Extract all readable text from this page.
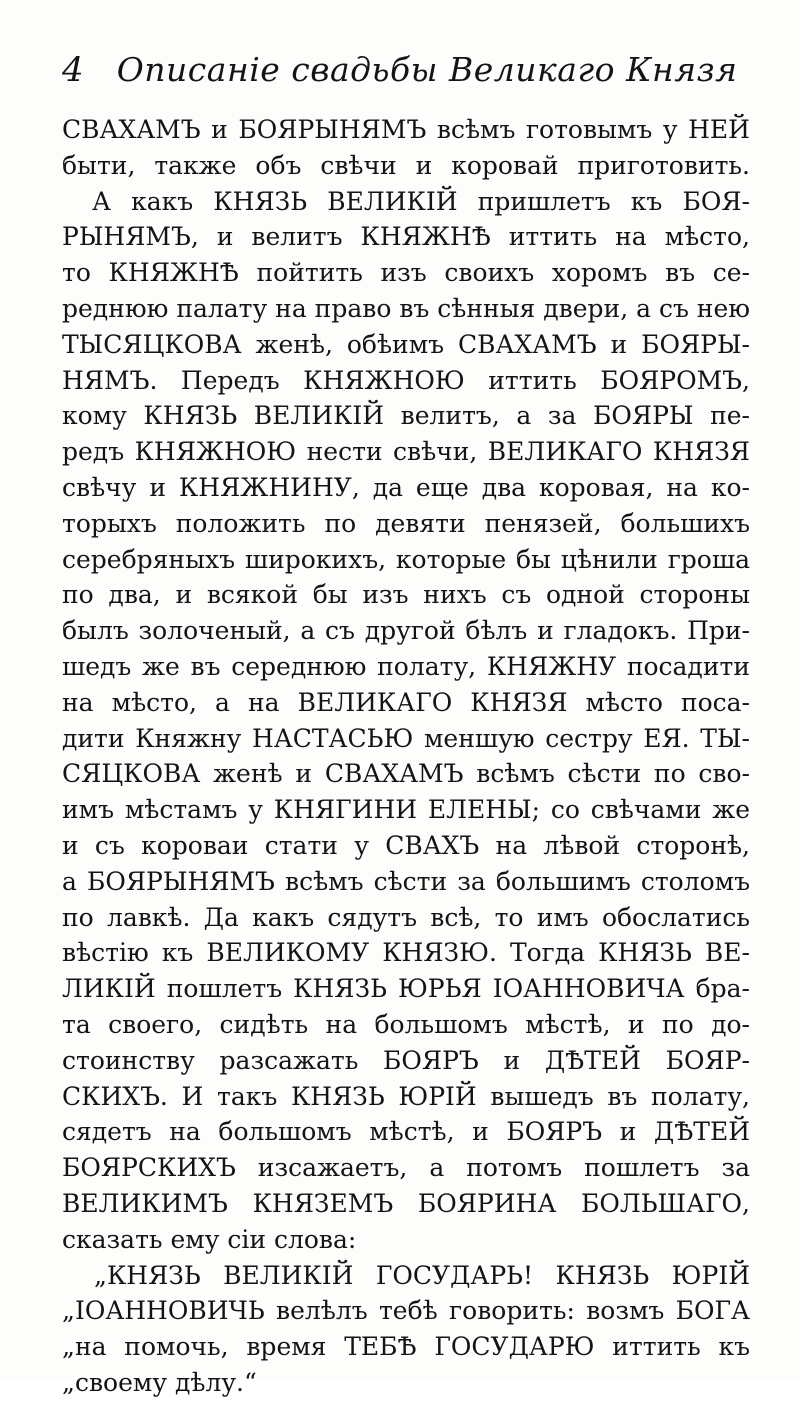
4 Описанiе свадьбы Великаго Князя
СВАХАМЪ и БОЯРЫНЯМЪ всѣмъ готовымъ у НЕЙ
быти, также объ свѣчи и коровай приготовить.
А какъ КНЯЗЬ ВЕЛИКIЙ пришлетъ къ БОЯ-
РЫНЯМЪ, и велитъ КНЯЖНѢ иттить на мѣсто,
то КНЯЖНѢ пойтить изъ своихъ хоромъ въ се-
реднюю палату на право въ сѣнныя двери, а съ нею
ТЫСЯЦКОВА женѣ, обѣимъ СВАХАМЪ и БОЯРЫ-
НЯМЪ. Передъ КНЯЖНОЮ иттить БОЯРОМЪ,
кому КНЯЗЬ ВЕЛИКIЙ велитъ, а за БОЯРЫ пе-
редъ КНЯЖНОЮ нести свѣчи, ВЕЛИКАГО КНЯЗЯ
свѣчу и КНЯЖНИНУ, да еще два коровая, на ко-
торыхъ положить по девяти пенязей, большихъ
серебряныхъ широкихъ, которые бы цѣнили гроша
по два, и всякой бы изъ нихъ съ одной стороны
былъ золоченый, а съ другой бѣлъ и гладокъ. При-
шедъ же въ середнюю полату, КНЯЖНУ посадити
на мѣсто, а на ВЕЛИКАГО КНЯЗЯ мѣсто поса-
дити Княжну НАСТАСЬЮ меншую сестру ЕЯ. ТЫ-
СЯЦКОВА женѣ и СВАХАМЪ всѣмъ сѣсти по сво-
имъ мѣстамъ у КНЯГИНИ ЕЛЕНЫ; со свѣчами же
и съ короваи стати у СВАХЪ на лѣвой сторонѣ,
а БОЯРЫНЯМЪ всѣмъ сѣсти за большимъ столомъ
по лавкѣ. Да какъ сядутъ всѣ, то имъ обослатись
вѣстiю къ ВЕЛИКОМУ КНЯЗЮ. Тогда КНЯЗЬ ВЕ-
ЛИКIЙ пошлетъ КНЯЗЬ ЮРЬЯ IОАННОВИЧА бра-
та своего, сидѣть на большомъ мѣстѣ, и по до-
стоинству разсажать БОЯРЪ и ДѢТЕЙ БОЯР-
СКИХЪ. И такъ КНЯЗЬ ЮРIЙ вышедъ въ полату,
сядетъ на большомъ мѣстѣ, и БОЯРЪ и ДѢТЕЙ
БОЯРСКИХЪ изсажаетъ, а потомъ пошлетъ за
ВЕЛИКИМЪ КНЯЗЕМЪ БОЯРИНА БОЛЬШАГО,
сказать ему сiи слова:
„КНЯЗЬ ВЕЛИКIЙ ГОСУДАРЬ! КНЯЗЬ ЮРIЙ
„IОАННОВИЧЬ велѣлъ тебѣ говорить: возмъ БОГА
„на помочь, время ТЕБѢ ГОСУДАРЮ иттить къ
„своему дѣлу.“
